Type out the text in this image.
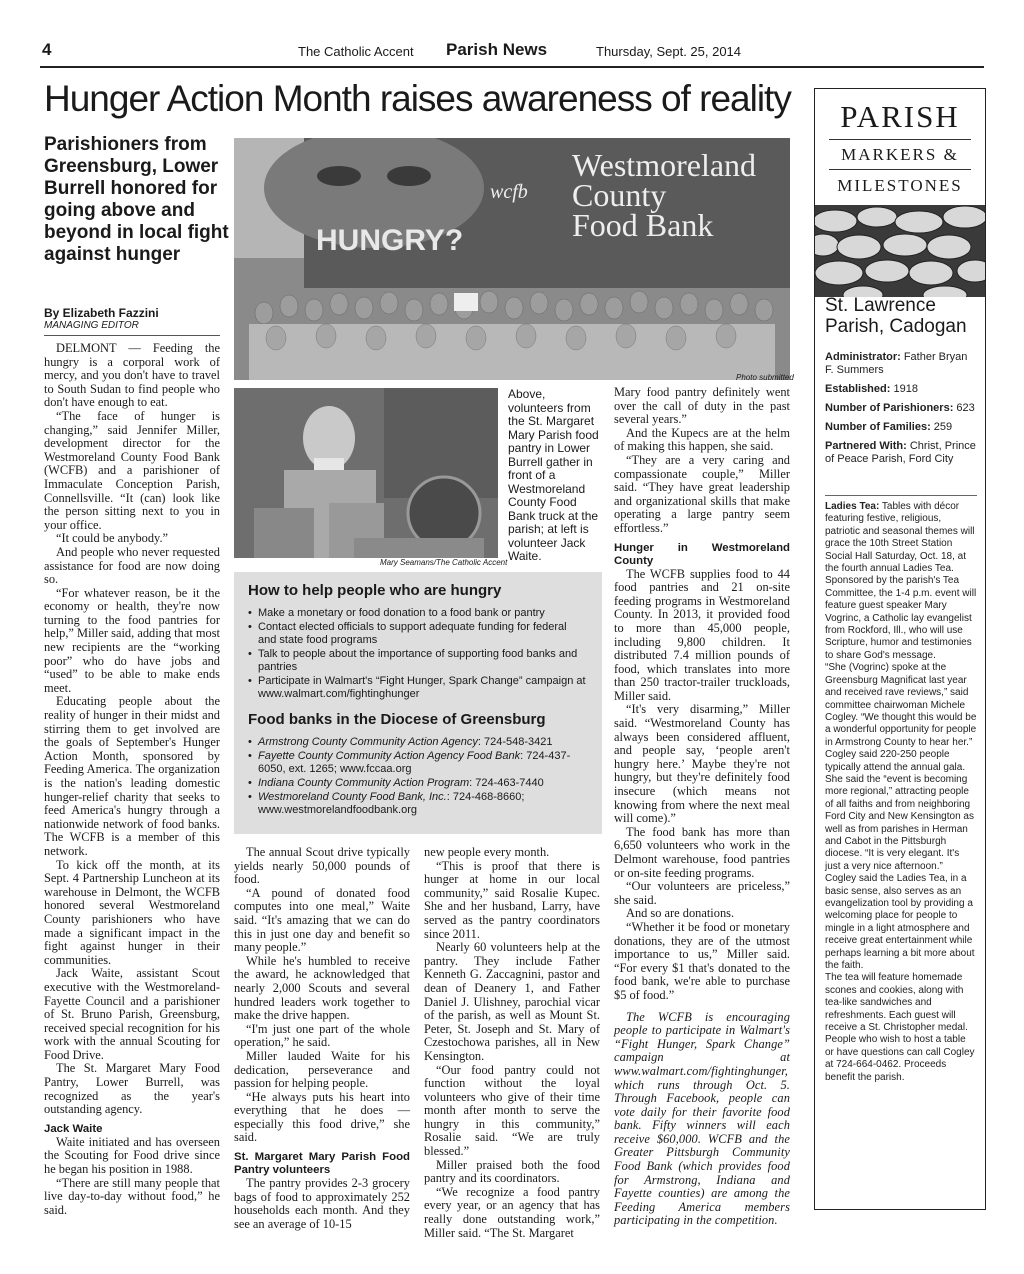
4	The Catholic Accent Parish News	Thursday, Sept. 25, 2014
Hunger Action Month raises awareness of reality
Parishioners from Greensburg, Lower Burrell honored for going above and beyond in local fight against hunger
By Elizabeth Fazzini
MANAGING EDITOR

DELMONT — Feeding the hungry is a corporal work of mercy, and you don't have to travel to South Sudan to find people who don't have enough to eat.

“The face of hunger is changing,” said Jennifer Miller, development director for the Westmoreland County Food Bank (WCFB) and a parishioner of Immaculate Conception Parish, Connellsville. “It (can) look like the person sitting next to you in your office.

“It could be anybody.”

And people who never requested assistance for food are now doing so.

“For whatever reason, be it the economy or health, they're now turning to the food pantries for help,” Miller said, adding that most new recipients are the “working poor” who do have jobs and “used” to be able to make ends meet.

Educating people about the reality of hunger in their midst and stirring them to get involved are the goals of September's Hunger Action Month, sponsored by Feeding America. The organization is the nation's leading domestic hunger-relief charity that seeks to feed America's hungry through a nationwide network of food banks. The WCFB is a member of this network.

To kick off the month, at its Sept. 4 Partnership Luncheon at its warehouse in Delmont, the WCFB honored several Westmoreland County parishioners who have made a significant impact in the fight against hunger in their communities.

Jack Waite, assistant Scout executive with the Westmoreland-Fayette Council and a parishioner of St. Bruno Parish, Greensburg, received special recognition for his work with the annual Scouting for Food Drive.

The St. Margaret Mary Food Pantry, Lower Burrell, was recognized as the year's outstanding agency.

Jack Waite

Waite initiated and has overseen the Scouting for Food drive since he began his position in 1988.

“There are still many people that live day-to-day without food,” he said.

HUNGRY?
wcfb
Westmoreland
County
Food Bank
Photo submitted
Mary Seamans/The Catholic Accent
Above, volunteers from the St. Margaret Mary Parish food pantry in Lower Burrell gather in front of a Westmoreland County Food Bank truck at the parish; at left is volunteer Jack Waite.
How to help people who are hungry
• Make a monetary or food donation to a food bank or pantry
• Contact elected officials to support adequate funding for federal and state food programs
• Talk to people about the importance of supporting food banks and pantries
• Participate in Walmart's “Fight Hunger, Spark Change” campaign at www.walmart.com/fightinghunger
Food banks in the Diocese of Greensburg
• Armstrong County Community Action Agency: 724-548-3421
• Fayette County Community Action Agency Food Bank: 724-437-6050, ext. 1265; www.fccaa.org
• Indiana County Community Action Program: 724-463-7440
• Westmoreland County Food Bank, Inc.: 724-468-8660; www.westmorelandfoodbank.org

The annual Scout drive typically yields nearly 50,000 pounds of food.

“A pound of donated food computes into one meal,” Waite said. “It's amazing that we can do this in just one day and benefit so many people.”

While he's humbled to receive the award, he acknowledged that nearly 2,000 Scouts and several hundred leaders work together to make the drive happen.

“I'm just one part of the whole operation,” he said.

Miller lauded Waite for his dedication, perseverance and passion for helping people.

“He always puts his heart into everything that he does — especially this food drive,” she said.

St. Margaret Mary Parish Food Pantry volunteers

The pantry provides 2-3 grocery bags of food to approximately 252 households each month. And they see an average of 10-15

new people every month.

“This is proof that there is hunger at home in our local community,” said Rosalie Kupec. She and her husband, Larry, have served as the pantry coordinators since 2011.

Nearly 60 volunteers help at the pantry. They include Father Kenneth G. Zaccagnini, pastor and dean of Deanery 1, and Father Daniel J. Ulishney, parochial vicar of the parish, as well as Mount St. Peter, St. Joseph and St. Mary of Czestochowa parishes, all in New Kensington.

“Our food pantry could not function without the loyal volunteers who give of their time month after month to serve the hungry in this community,” Rosalie said. “We are truly blessed.”

Miller praised both the food pantry and its coordinators.

“We recognize a food pantry every year, or an agency that has really done outstanding work,” Miller said. “The St. Margaret

Mary food pantry definitely went over the call of duty in the past several years.”

And the Kupecs are at the helm of making this happen, she said.

“They are a very caring and compassionate couple,” Miller said. “They have great leadership and organizational skills that make operating a large pantry seem effortless.”

Hunger in Westmoreland County

The WCFB supplies food to 44 food pantries and 21 on-site feeding programs in Westmoreland County. In 2013, it provided food to more than 45,000 people, including 9,800 children. It distributed 7.4 million pounds of food, which translates into more than 250 tractor-trailer truckloads, Miller said.

“It's very disarming,” Miller said. “Westmoreland County has always been considered affluent, and people say, ‘people aren't hungry here.’ Maybe they're not hungry, but they're definitely food insecure (which means not knowing from where the next meal will come).”

The food bank has more than 6,650 volunteers who work in the Delmont warehouse, food pantries or on-site feeding programs.

“Our volunteers are priceless,” she said.

And so are donations.

“Whether it be food or monetary donations, they are of the utmost importance to us,” Miller said. “For every $1 that's donated to the food bank, we're able to purchase $5 of food.”

The WCFB is encouraging people to participate in Walmart's “Fight Hunger, Spark Change” campaign at www.walmart.com/fightinghunger, which runs through Oct. 5. Through Facebook, people can vote daily for their favorite food bank. Fifty winners will each receive $60,000. WCFB and the Greater Pittsburgh Community Food Bank (which provides food for Armstrong, Indiana and Fayette counties) are among the Feeding America members participating in the competition.

PARISH
MARKERS &
MILESTONES
St. Lawrence Parish, Cadogan
Administrator: Father Bryan F. Summers
Established: 1918
Number of Parishioners: 623
Number of Families: 259
Partnered With: Christ, Prince of Peace Parish, Ford City

Ladies Tea: Tables with décor featuring festive, religious, patriotic and seasonal themes will grace the 10th Street Station Social Hall Saturday, Oct. 18, at the fourth annual Ladies Tea.

Sponsored by the parish's Tea Committee, the 1-4 p.m. event will feature guest speaker Mary Vogrinc, a Catholic lay evangelist from Rockford, Ill., who will use Scripture, humor and testimonies to share God's message.

“She (Vogrinc) spoke at the Greensburg Magnificat last year and received rave reviews,” said committee chairwoman Michele Cogley. “We thought this would be a wonderful opportunity for people in Armstrong County to hear her.”

Cogley said 220-250 people typically attend the annual gala. She said the “event is becoming more regional,” attracting people of all faiths and from neighboring Ford City and New Kensington as well as from parishes in Herman and Cabot in the Pittsburgh diocese. “It is very elegant. It's just a very nice afternoon.”

Cogley said the Ladies Tea, in a basic sense, also serves as an evangelization tool by providing a welcoming place for people to mingle in a light atmosphere and receive great entertainment while perhaps learning a bit more about the faith.

The tea will feature homemade scones and cookies, along with tea-like sandwiches and refreshments. Each guest will receive a St. Christopher medal.

People who wish to host a table or have questions can call Cogley at 724-664-0462. Proceeds benefit the parish.
